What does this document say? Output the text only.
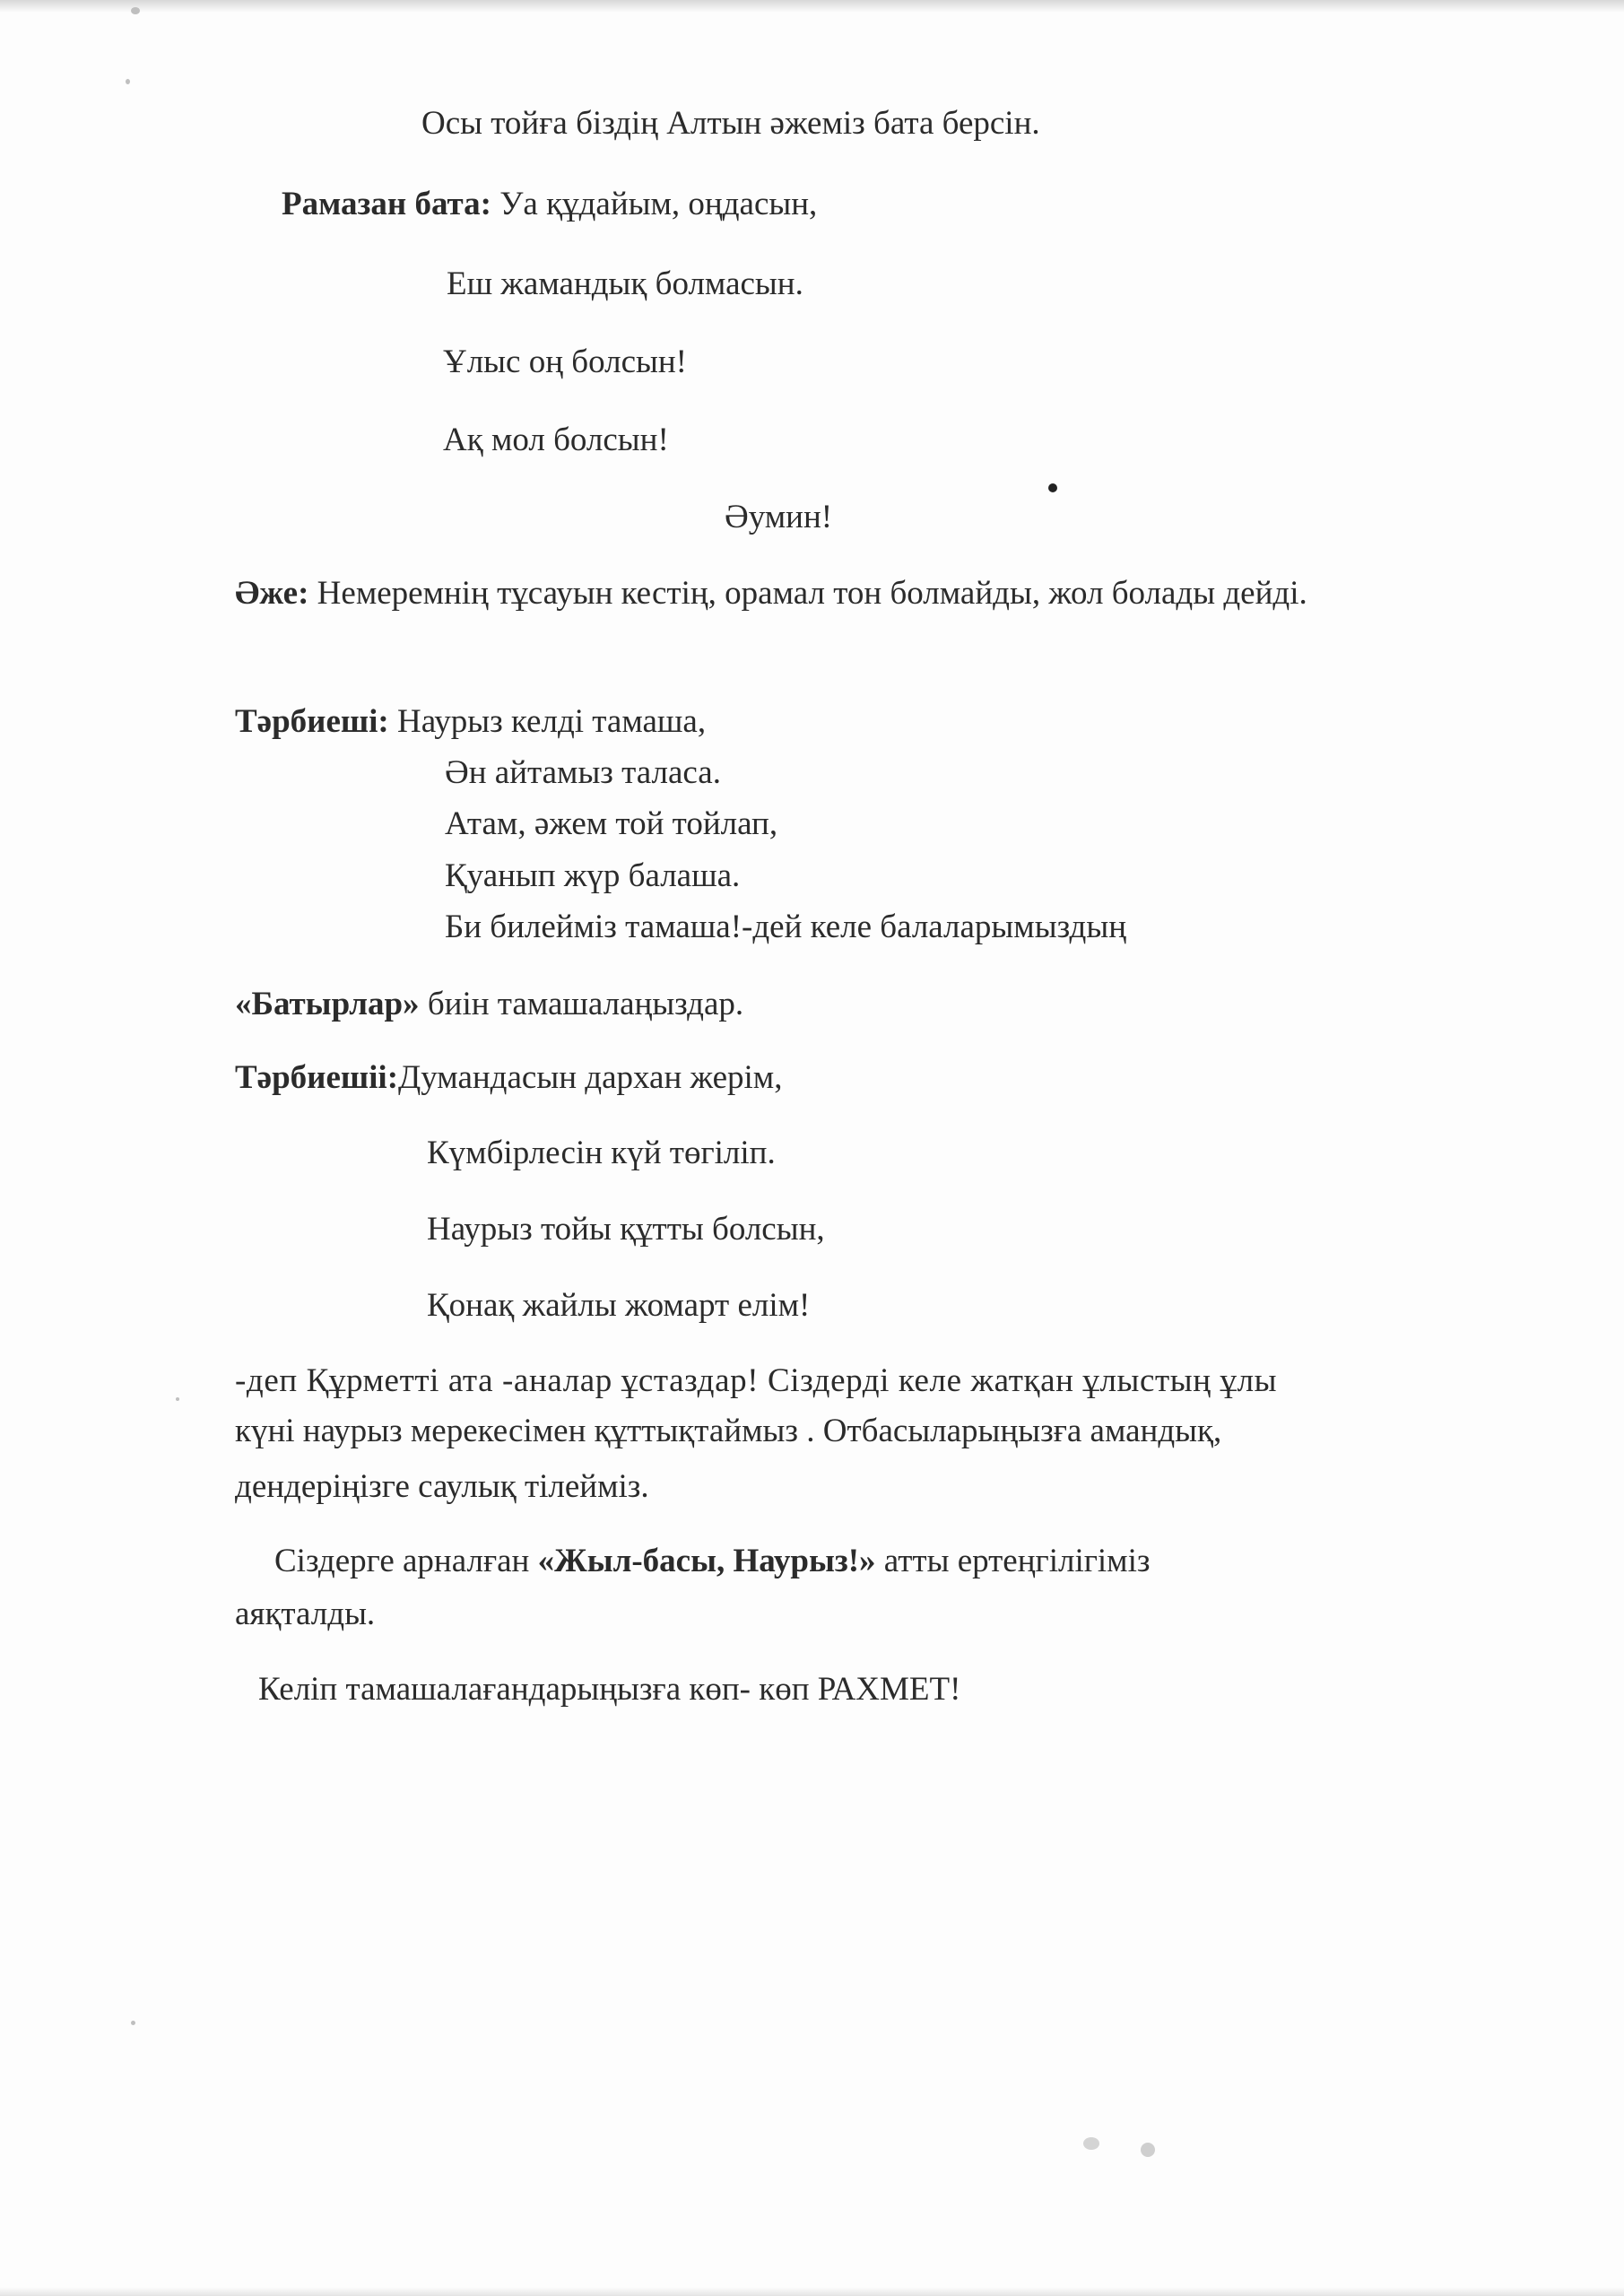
Осы тойға біздің Алтын әжеміз бата берсін.
Рамазан бата: Уа құдайым, оңдасын,
Еш жамандық болмасын.
Ұлыс оң болсын!
Ақ мол болсын!
Әумин!
Әже: Немеремнің тұсауын кестің, орамал тон болмайды, жол болады дейді.
Тәрбиеші: Наурыз келді тамаша,
Ән айтамыз таласа.
Атам, әжем той тойлап,
Қуанып жүр балаша.
Би билейміз тамаша!-дей келе балаларымыздың
«Батырлар» биін тамашалаңыздар.
Тәрбиешіі:Думандасын дархан жерім,
Күмбірлесін күй төгіліп.
Наурыз тойы құтты болсын,
Қонақ жайлы жомарт елім!
-деп Құрметті ата -аналар ұстаздар! Сіздерді келе жатқан ұлыстың ұлы
күні наурыз мерекесімен құттықтаймыз . Отбасыларыңызға амандық,
дендеріңізге саулық тілейміз.
Сіздерге арналған «Жыл-басы, Наурыз!» атты ертеңгілігіміз
аяқталды.
Келіп тамашалағандарыңызға көп- көп РАХМЕТ!
